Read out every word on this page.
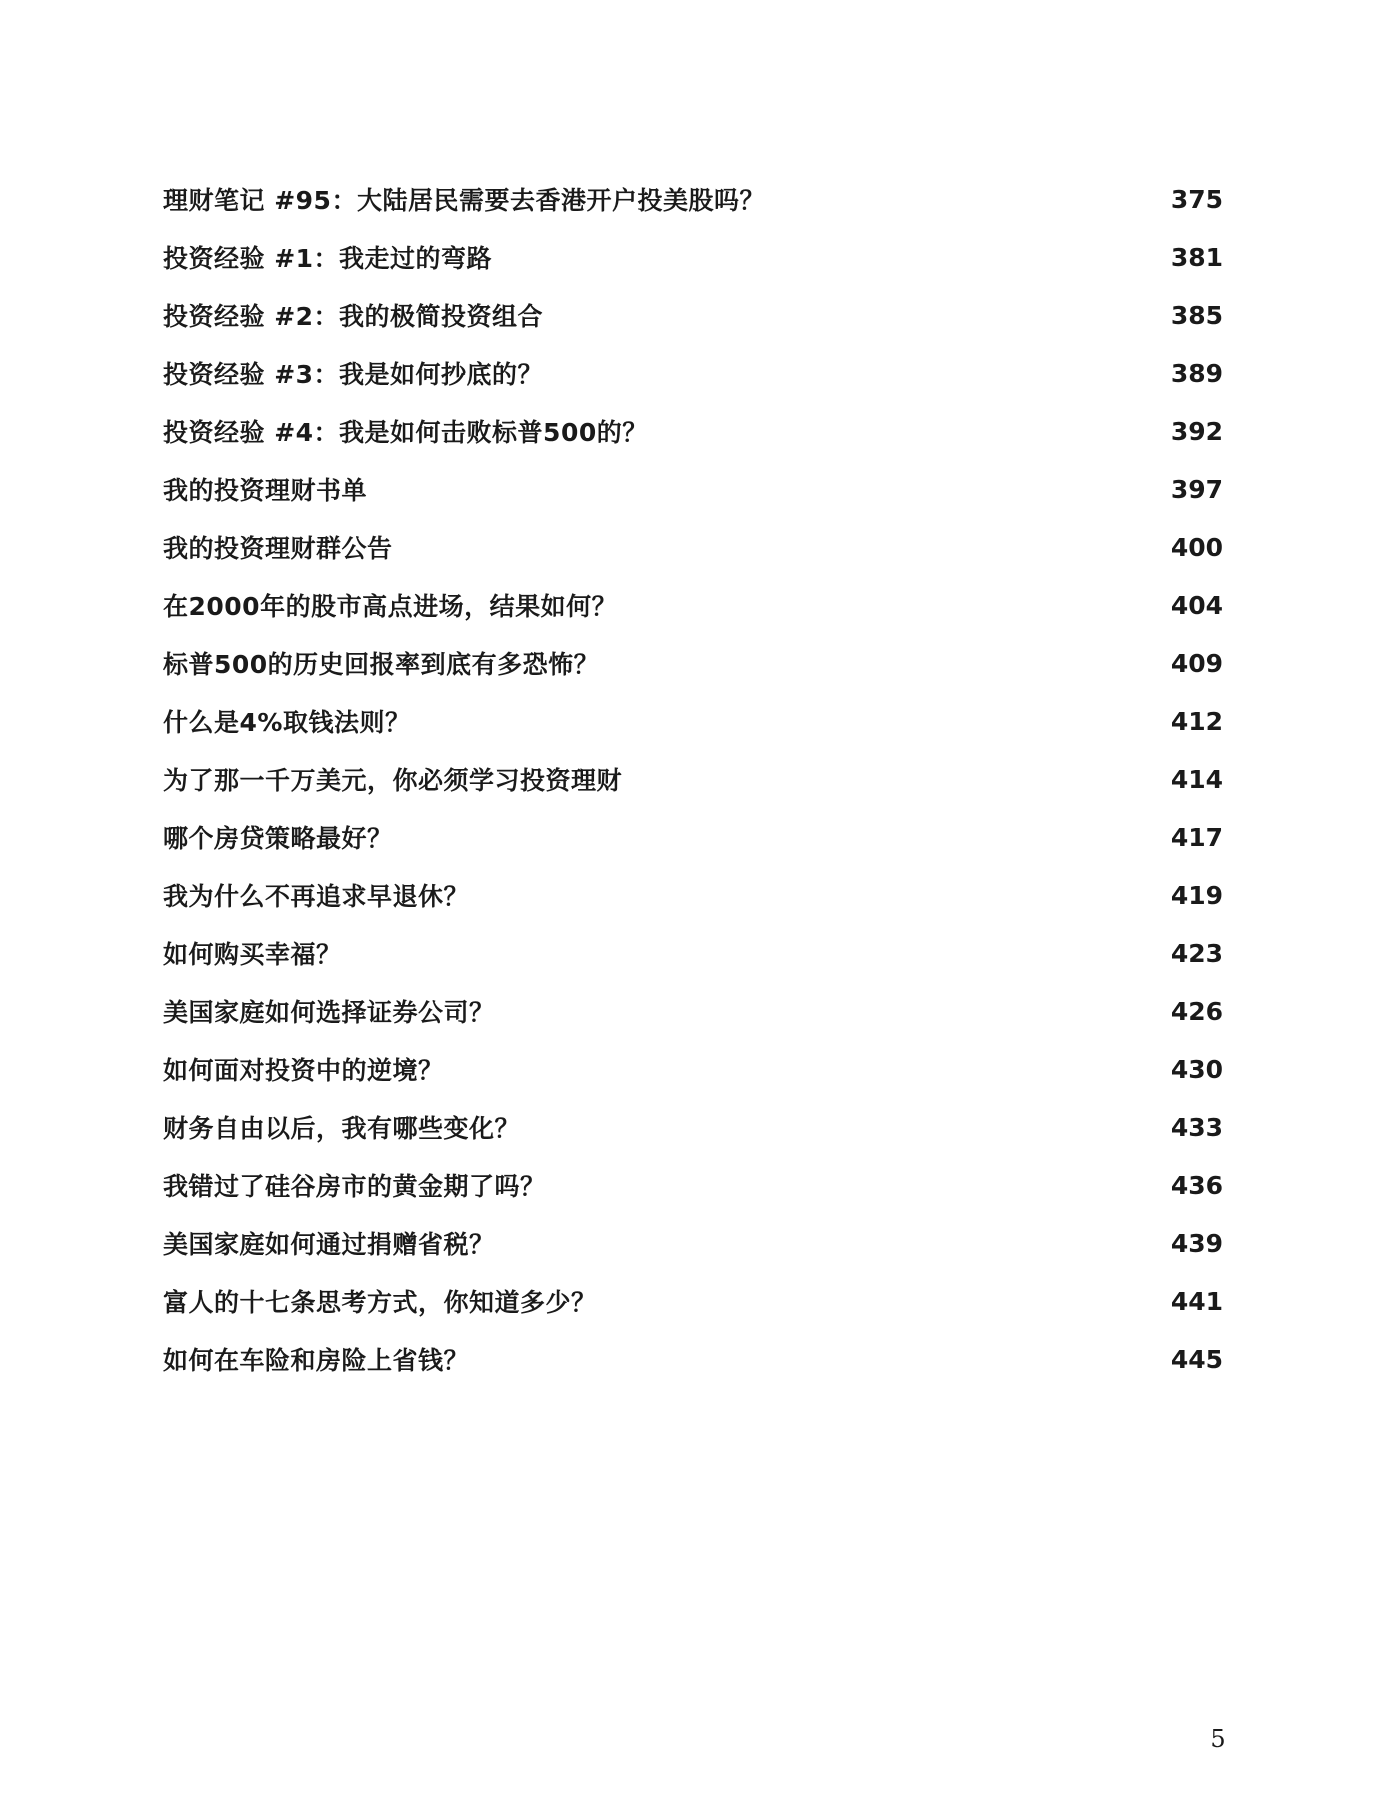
理财笔记 #95：大陆居民需要去香港开户投美股吗？	375
投资经验 #1：我走过的弯路	381
投资经验 #2：我的极简投资组合	385
投资经验 #3：我是如何抄底的？	389
投资经验 #4：我是如何击败标普500的？	392
我的投资理财书单	397
我的投资理财群公告	400
在2000年的股市高点进场，结果如何？	404
标普500的历史回报率到底有多恐怖？	409
什么是4%取钱法则？	412
为了那一千万美元，你必须学习投资理财	414
哪个房贷策略最好？	417
我为什么不再追求早退休？	419
如何购买幸福？	423
美国家庭如何选择证券公司？	426
如何面对投资中的逆境？	430
财务自由以后，我有哪些变化？	433
我错过了硅谷房市的黄金期了吗？	436
美国家庭如何通过捐赠省税？	439
富人的十七条思考方式，你知道多少？	441
如何在车险和房险上省钱？	445
5
